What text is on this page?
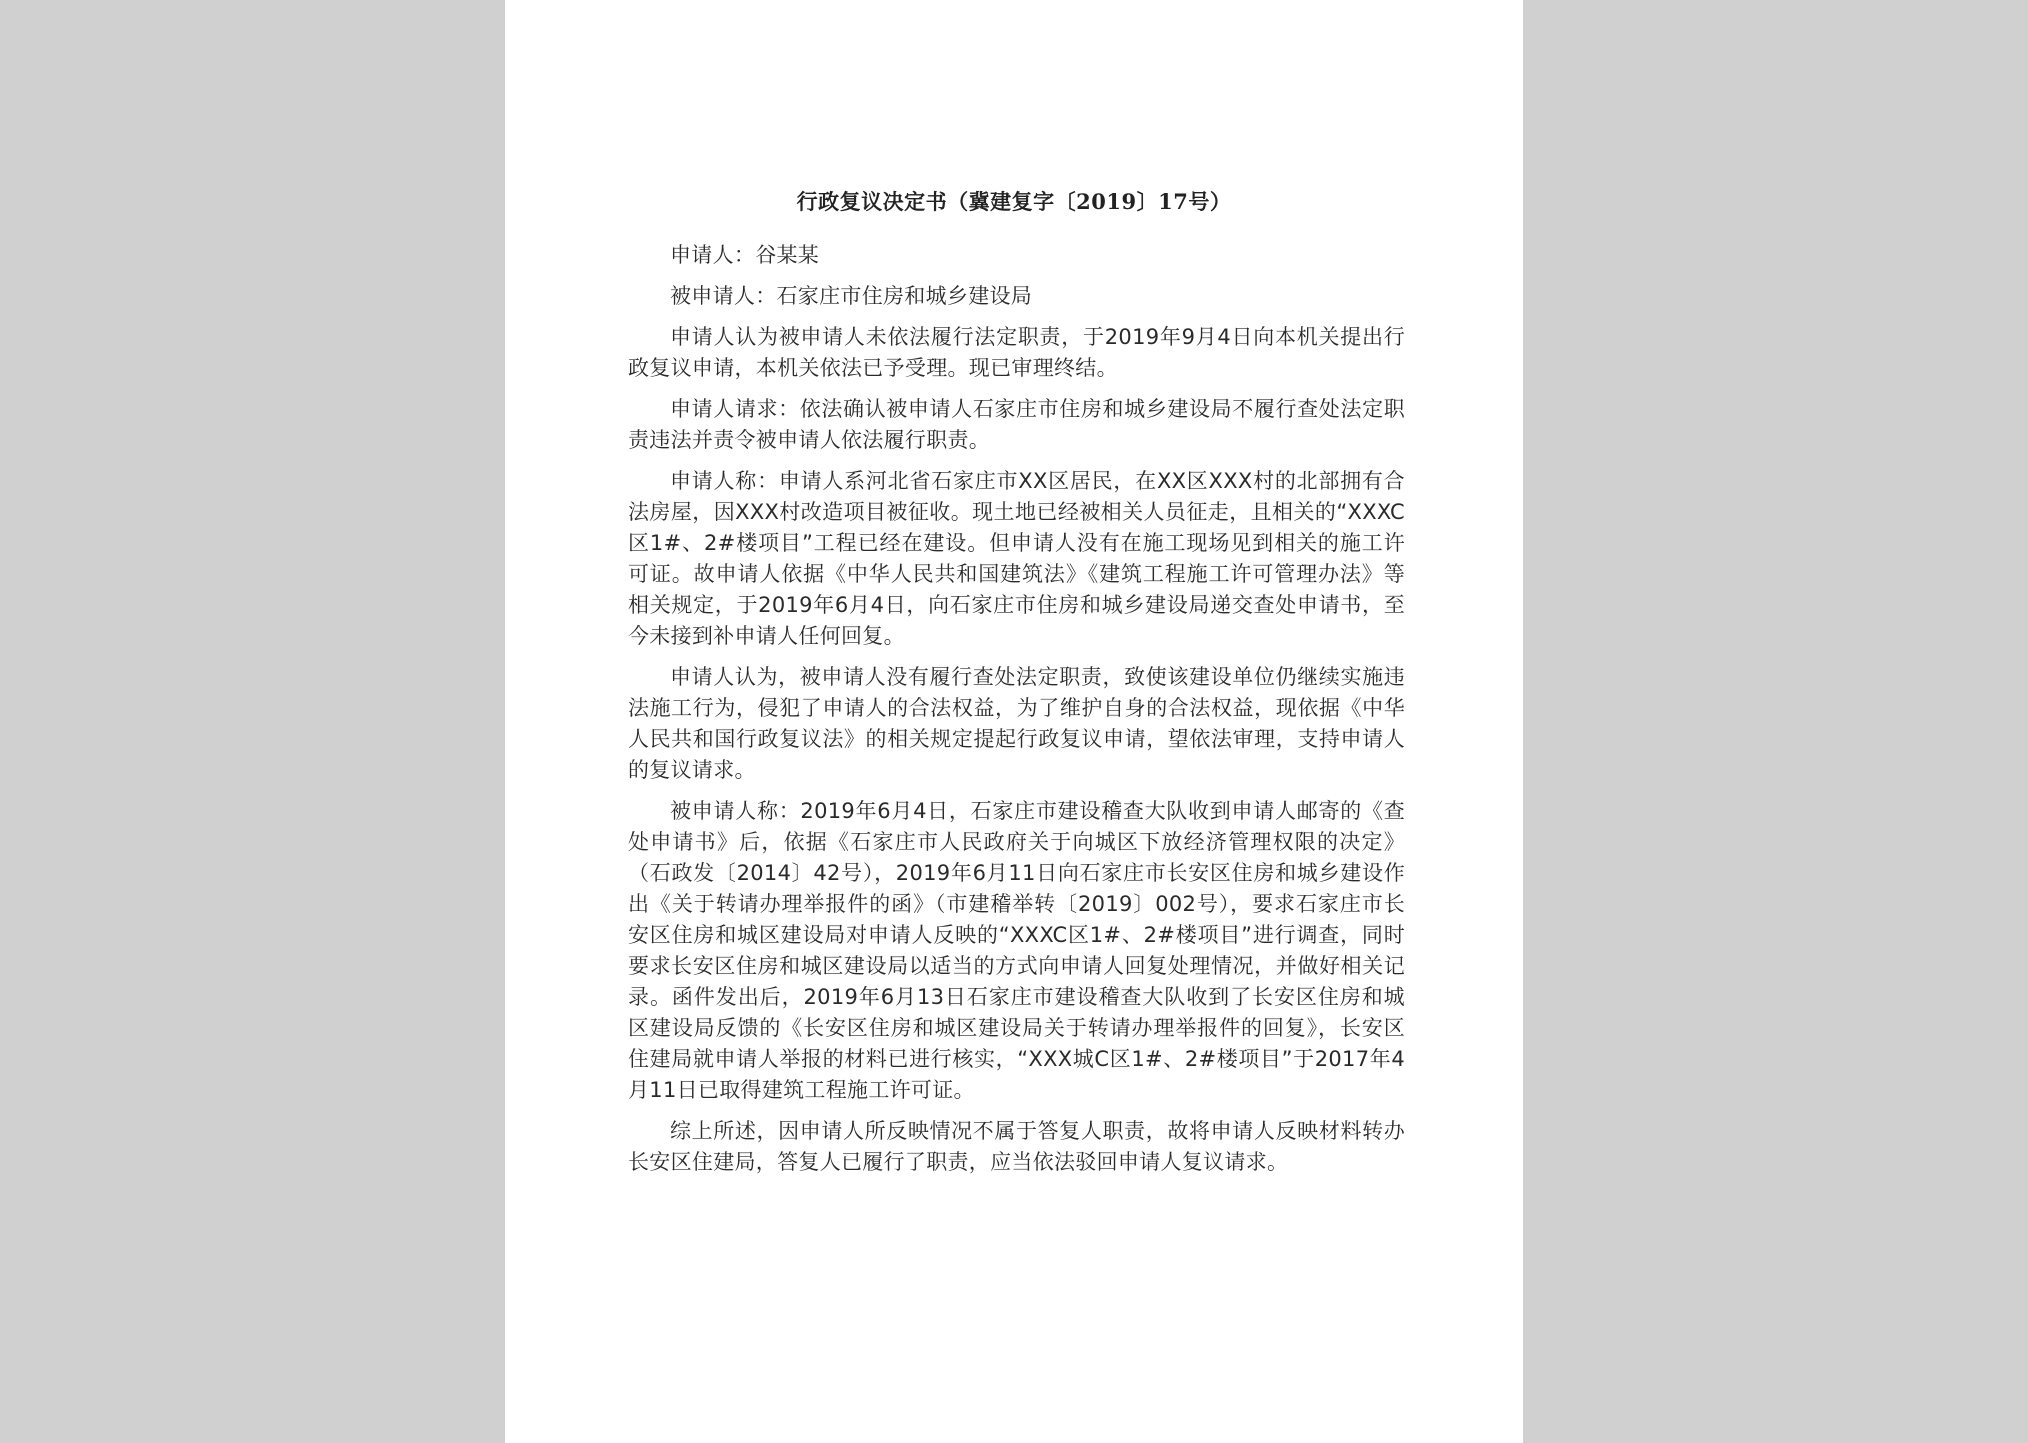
行政复议决定书（冀建复字〔2019〕17号）

申请人：谷某某

被申请人：石家庄市住房和城乡建设局

申请人认为被申请人未依法履行法定职责，于2019年9月4日向本机关提出行政复议申请，本机关依法已予受理。现已审理终结。

申请人请求：依法确认被申请人石家庄市住房和城乡建设局不履行查处法定职责违法并责令被申请人依法履行职责。

申请人称：申请人系河北省石家庄市XX区居民，在XX区XXX村的北部拥有合法房屋，因XXX村改造项目被征收。现土地已经被相关人员征走，且相关的“XXXC区1#、2#楼项目”工程已经在建设。但申请人没有在施工现场见到相关的施工许可证。故申请人依据《中华人民共和国建筑法》《建筑工程施工许可管理办法》等相关规定，于2019年6月4日，向石家庄市住房和城乡建设局递交查处申请书，至今未接到补申请人任何回复。

申请人认为，被申请人没有履行查处法定职责，致使该建设单位仍继续实施违法施工行为，侵犯了申请人的合法权益，为了维护自身的合法权益，现依据《中华人民共和国行政复议法》的相关规定提起行政复议申请，望依法审理，支持申请人的复议请求。

被申请人称：2019年6月4日，石家庄市建设稽查大队收到申请人邮寄的《查处申请书》后，依据《石家庄市人民政府关于向城区下放经济管理权限的决定》（石政发〔2014〕42号），2019年6月11日向石家庄市长安区住房和城乡建设作出《关于转请办理举报件的函》（市建稽举转〔2019〕002号），要求石家庄市长安区住房和城区建设局对申请人反映的“XXXC区1#、2#楼项目”进行调查，同时要求长安区住房和城区建设局以适当的方式向申请人回复处理情况，并做好相关记录。函件发出后，2019年6月13日石家庄市建设稽查大队收到了长安区住房和城区建设局反馈的《长安区住房和城区建设局关于转请办理举报件的回复》，长安区住建局就申请人举报的材料已进行核实，“XXX城C区1#、2#楼项目”于2017年4月11日已取得建筑工程施工许可证。

综上所述，因申请人所反映情况不属于答复人职责，故将申请人反映材料转办长安区住建局，答复人已履行了职责，应当依法驳回申请人复议请求。
